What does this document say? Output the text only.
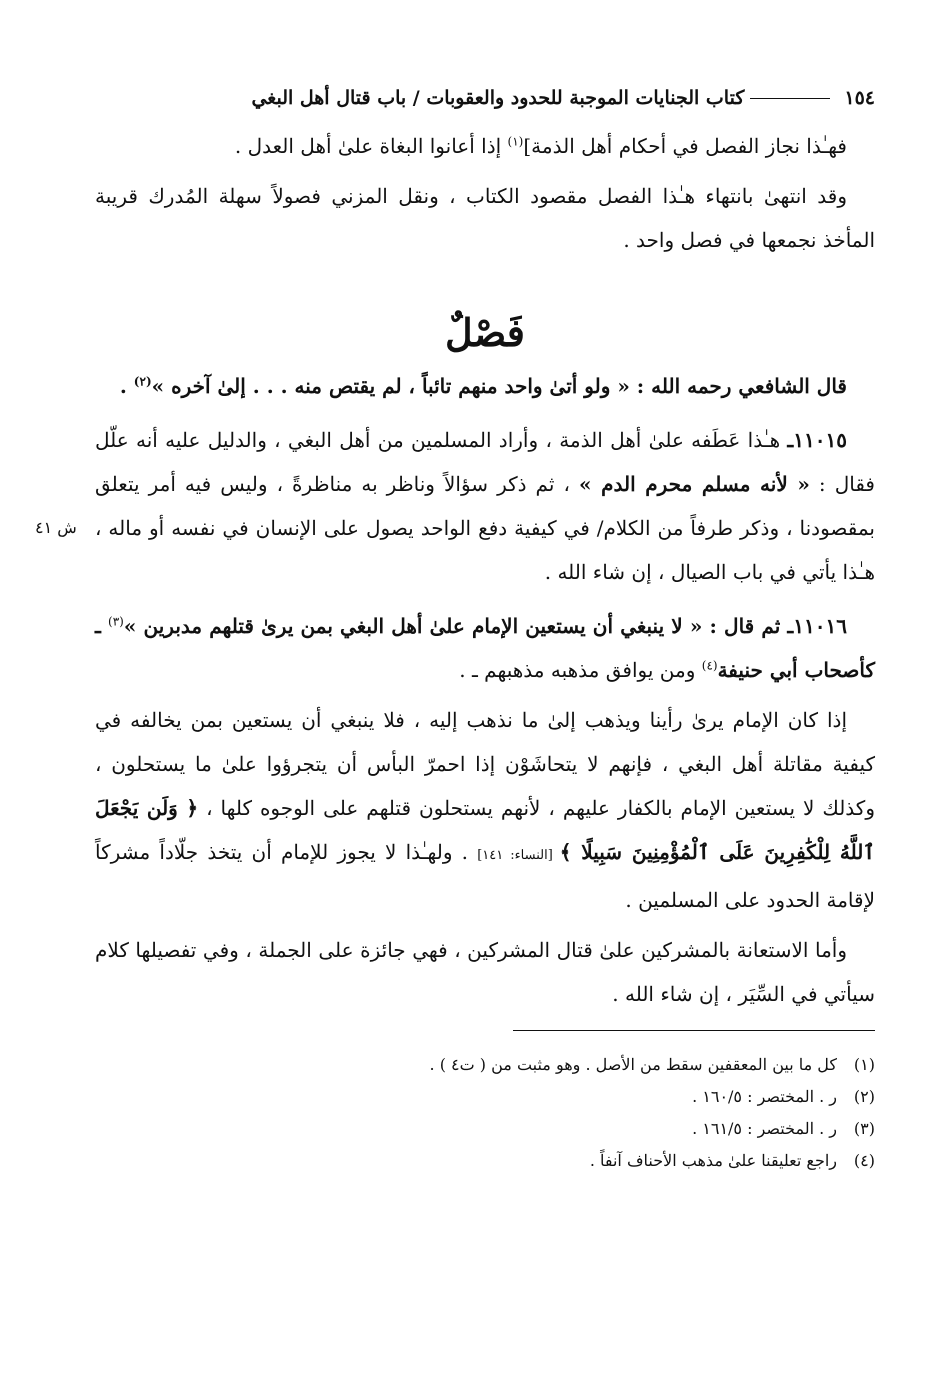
١٥٤
كتاب الجنايات الموجبة للحدود والعقوبات / باب قتال أهل البغي

فهـٰذا نجاز الفصل في أحكام أهل الذمة]$^{(١)}$ إذا أعانوا البغاة علىٰ أهل العدل .

وقد انتهىٰ بانتهاء هـٰذا الفصل مقصود الكتاب ، ونقل المزني فصولاً سهلة المُدرك قريبة المأخذ نجمعها في فصل واحد .

فَصْلٌ

قال الشافعي رحمه الله : « ولو أتىٰ واحد منهم تائباً ، لم يقتص منه . . . إلىٰ آخره »$^{(٢)}$ .

ش ٤١

١١٠١٥ـ هـٰذا عَطَفه علىٰ أهل الذمة ، وأراد المسلمين من أهل البغي ، والدليل عليه أنه علّل فقال : « لأنه مسلم محرم الدم » ، ثم ذكر سؤالاً وناظر به مناظرةً ، وليس فيه أمر يتعلق بمقصودنا ، وذكر طرفاً من الكلام/ في كيفية دفع الواحد يصول على الإنسان في نفسه أو ماله ، هـٰذا يأتي في باب الصيال ، إن شاء الله .

١١٠١٦ـ ثم قال : « لا ينبغي أن يستعين الإمام علىٰ أهل البغي بمن يرىٰ قتلهم مدبرين »$^{(٣)}$ ـ كأصحاب أبي حنيفة$^{(٤)}$ ومن يوافق مذهبه مذهبهم ـ .

إذا كان الإمام يرىٰ رأينا ويذهب إلىٰ ما نذهب إليه ، فلا ينبغي أن يستعين بمن يخالفه في كيفية مقاتلة أهل البغي ، فإنهم لا يتحاشَوْن إذا احمرّ البأس أن يتجرؤوا علىٰ ما يستحلون ، وكذلك لا يستعين الإمام بالكفار عليهم ، لأنهم يستحلون قتلهم على الوجوه كلها ، ﴿ وَلَن يَجْعَلَ ٱللَّهُ لِلْكَٰفِرِينَ عَلَى ٱلْمُؤْمِنِينَ سَبِيلًا ﴾ [النساء: ١٤١] . ولهـٰذا لا يجوز للإمام أن يتخذ جلّاداً مشركاً لإقامة الحدود على المسلمين .

وأما الاستعانة بالمشركين علىٰ قتال المشركين ، فهي جائزة على الجملة ، وفي تفصيلها كلام سيأتي في السِّيَر ، إن شاء الله .

(١)
كل ما بين المعقفين سقط من الأصل . وهو مثبت من ( ت٤ ) .
(٢)
ر . المختصر : ١٦٠/٥ .
(٣)
ر . المختصر : ١٦١/٥ .
(٤)
راجع تعليقنا علىٰ مذهب الأحناف آنفاً .
